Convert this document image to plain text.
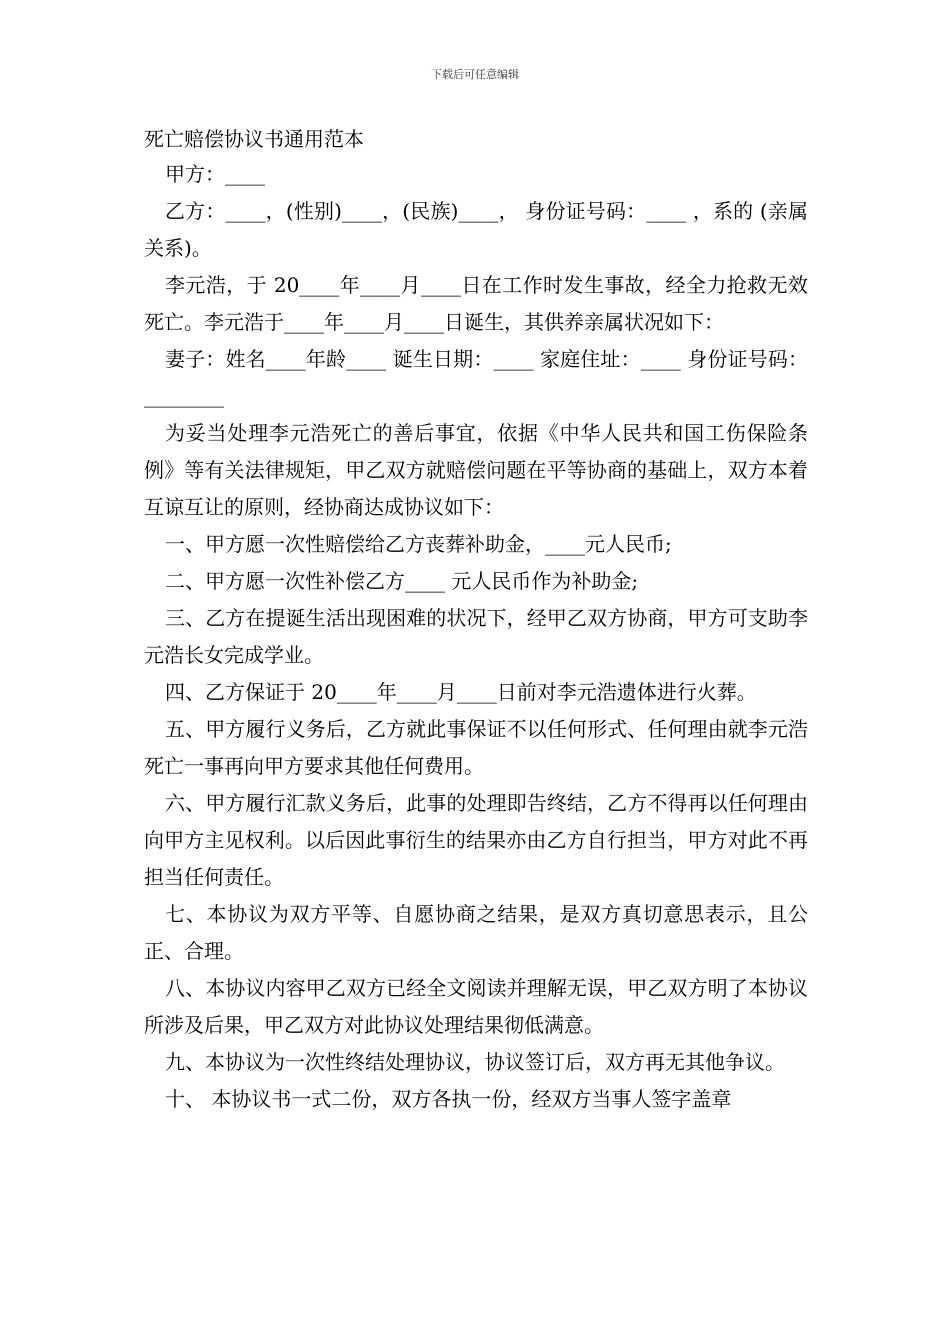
下载后可任意编辑
死亡赔偿协议书通用范本

甲方：____

乙方：____，(性别)____，(民族)____， 身份证号码：____ ，系的 (亲属关系)。

李元浩，于 20____年____月____日在工作时发生事故，经全力抢救无效死亡。李元浩于____年____月____日诞生，其供养亲属状况如下：

妻子：姓名____年龄____ 诞生日期：____ 家庭住址：____ 身份证号码：________

为妥当处理李元浩死亡的善后事宜，依据《中华人民共和国工伤保险条例》等有关法律规矩，甲乙双方就赔偿问题在平等协商的基础上，双方本着互谅互让的原则，经协商达成协议如下：

一、甲方愿一次性赔偿给乙方丧葬补助金，____元人民币;

二、甲方愿一次性补偿乙方____ 元人民币作为补助金;

三、乙方在提诞生活出现困难的状况下，经甲乙双方协商，甲方可支助李元浩长女完成学业。

四、乙方保证于 20____年____月____日前对李元浩遗体进行火葬。

五、甲方履行义务后，乙方就此事保证不以任何形式、任何理由就李元浩死亡一事再向甲方要求其他任何费用。

六、甲方履行汇款义务后，此事的处理即告终结，乙方不得再以任何理由向甲方主见权利。以后因此事衍生的结果亦由乙方自行担当，甲方对此不再担当任何责任。

七、本协议为双方平等、自愿协商之结果，是双方真切意思表示，且公正、合理。

八、本协议内容甲乙双方已经全文阅读并理解无误，甲乙双方明了本协议所涉及后果，甲乙双方对此协议处理结果彻低满意。

九、本协议为一次性终结处理协议，协议签订后，双方再无其他争议。

十、 本协议书一式二份，双方各执一份，经双方当事人签字盖章
